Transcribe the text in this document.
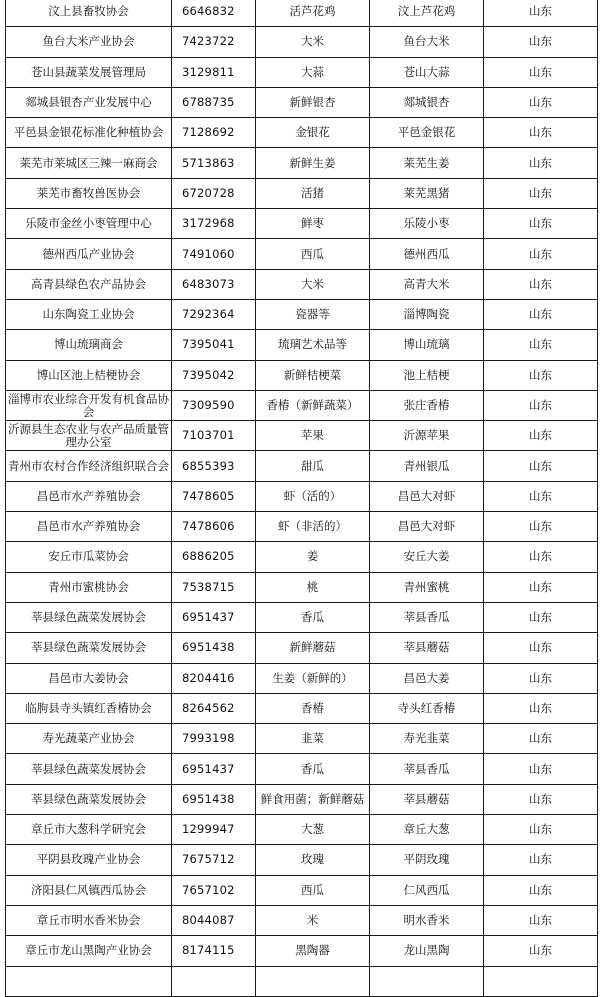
汶上县畜牧协会	6646832	活芦花鸡	汶上芦花鸡	山东
鱼台大米产业协会	7423722	大米	鱼台大米	山东
苍山县蔬菜发展管理局	3129811	大蒜	苍山大蒜	山东
郯城县银杏产业发展中心	6788735	新鲜银杏	郯城银杏	山东
平邑县金银花标准化种植协会	7128692	金银花	平邑金银花	山东
莱芜市莱城区三辣一麻商会	5713863	新鲜生姜	莱芜生姜	山东
莱芜市畜牧兽医协会	6720728	活猪	莱芜黑猪	山东
乐陵市金丝小枣管理中心	3172968	鲜枣	乐陵小枣	山东
德州西瓜产业协会	7491060	西瓜	德州西瓜	山东
高青县绿色农产品协会	6483073	大米	高青大米	山东
山东陶瓷工业协会	7292364	瓷器等	淄博陶瓷	山东
博山琉璃商会	7395041	琉璃艺术品等	博山琉璃	山东
博山区池上桔梗协会	7395042	新鲜桔梗菜	池上桔梗	山东
淄博市农业综合开发有机食品协会	7309590	香椿（新鲜蔬菜）	张庄香椿	山东
沂源县生态农业与农产品质量管理办公室	7103701	苹果	沂源苹果	山东
青州市农村合作经济组织联合会	6855393	甜瓜	青州银瓜	山东
昌邑市水产养殖协会	7478605	虾（活的）	昌邑大对虾	山东
昌邑市水产养殖协会	7478606	虾（非活的）	昌邑大对虾	山东
安丘市瓜菜协会	6886205	姜	安丘大姜	山东
青州市蜜桃协会	7538715	桃	青州蜜桃	山东
莘县绿色蔬菜发展协会	6951437	香瓜	莘县香瓜	山东
莘县绿色蔬菜发展协会	6951438	新鲜蘑菇	莘县蘑菇	山东
昌邑市大姜协会	8204416	生姜（新鲜的）	昌邑大姜	山东
临朐县寺头镇红香椿协会	8264562	香椿	寺头红香椿	山东
寿光蔬菜产业协会	7993198	韭菜	寿光韭菜	山东
莘县绿色蔬菜发展协会	6951437	香瓜	莘县香瓜	山东
莘县绿色蔬菜发展协会	6951438	鲜食用菌；新鲜蘑菇	莘县蘑菇	山东
章丘市大葱科学研究会	1299947	大葱	章丘大葱	山东
平阴县玫瑰产业协会	7675712	玫瑰	平阴玫瑰	山东
济阳县仁风镇西瓜协会	7657102	西瓜	仁风西瓜	山东
章丘市明水香米协会	8044087	米	明水香米	山东
章丘市龙山黑陶产业协会	8174115	黑陶器	龙山黑陶	山东
